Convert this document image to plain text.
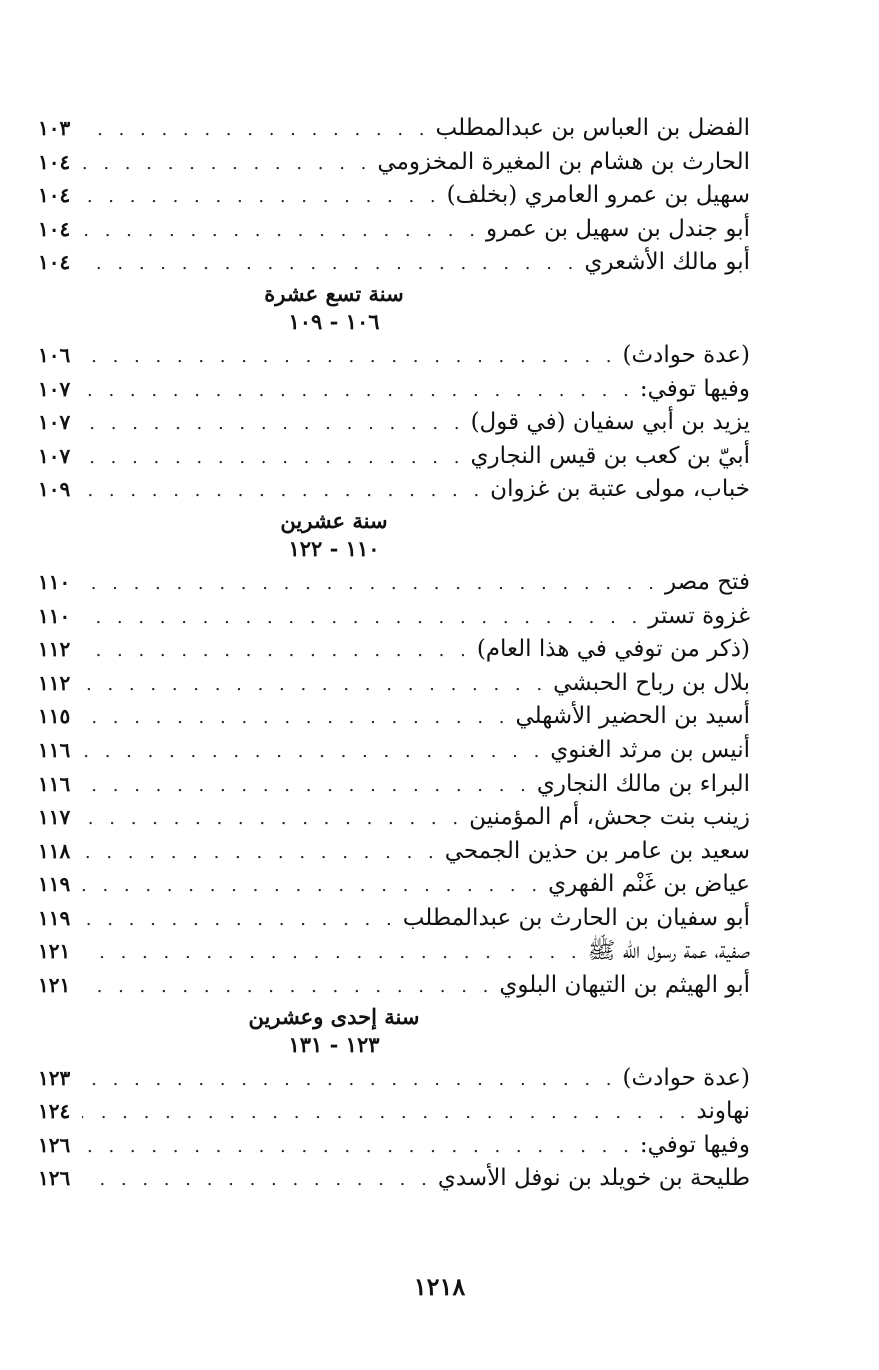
الفضل بن العباس بن عبدالمطلب
. . .
١٠٣
الحارث بن هشام بن المغيرة المخزومي
. . .
١٠٤
سهيل بن عمرو العامري (بخلف)
. . .
١٠٤
أبو جندل بن سهيل بن عمرو
. . .
١٠٤
أبو مالك الأشعري
. . .
١٠٤
سنة تسع عشرة
١٠٦ - ١٠٩
(عدة حوادث)
. . .
١٠٦
وفيها توفي:
. . .
١٠٧
يزيد بن أبي سفيان (في قول)
. . .
١٠٧
أبيّ بن كعب بن قيس النجاري
. . .
١٠٧
خباب، مولى عتبة بن غزوان
. . .
١٠٩
سنة عشرين
١١٠ - ١٢٢
فتح مصر
. . .
١١٠
غزوة تستر
. . .
١١٠
(ذكر من توفي في هذا العام)
. . .
١١٢
بلال بن رباح الحبشي
. . .
١١٢
أسيد بن الحضير الأشهلي
. . .
١١٥
أنيس بن مرثد الغنوي
. . .
١١٦
البراء بن مالك النجاري
. . .
١١٦
زينب بنت جحش، أم المؤمنين
. . .
١١٧
سعيد بن عامر بن حذين الجمحي
. . .
١١٨
عياض بن غَنْم الفهري
. . .
١١٩
أبو سفيان بن الحارث بن عبدالمطلب
. . .
١١٩
صفية، عمة رسول الله ﷺ
. . .
١٢١
أبو الهيثم بن التيهان البلوي
. . .
١٢١
سنة إحدى وعشرين
١٢٣ - ١٣١
(عدة حوادث)
. . .
١٢٣
نهاوند
. . .
١٢٤
وفيها توفي:
. . .
١٢٦
طليحة بن خويلد بن نوفل الأسدي
. . .
١٢٦
١٢١٨
